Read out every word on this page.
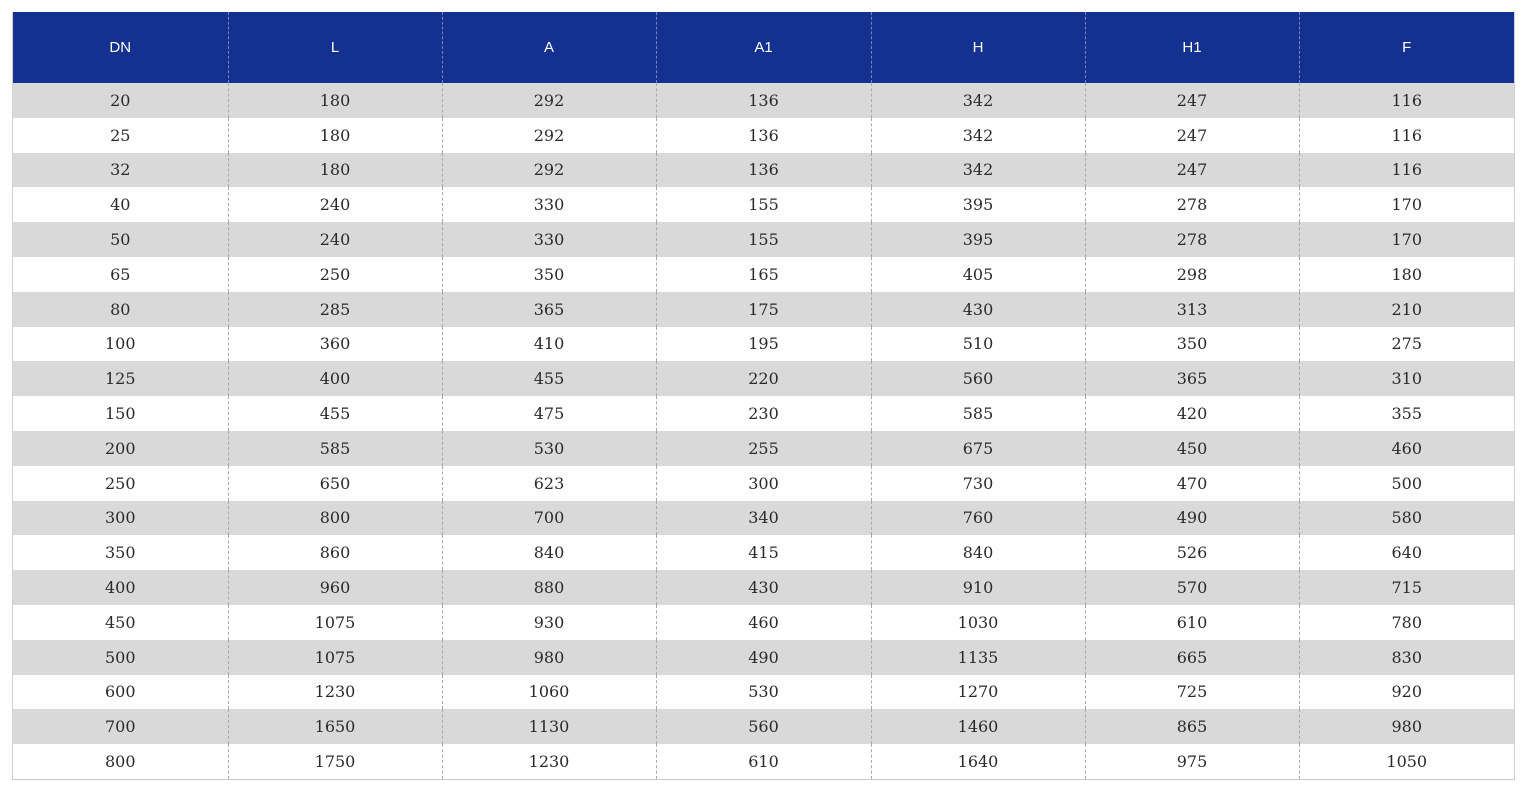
DN	L	A	A1	H	H1	F
20	180	292	136	342	247	116
25	180	292	136	342	247	116
32	180	292	136	342	247	116
40	240	330	155	395	278	170
50	240	330	155	395	278	170
65	250	350	165	405	298	180
80	285	365	175	430	313	210
100	360	410	195	510	350	275
125	400	455	220	560	365	310
150	455	475	230	585	420	355
200	585	530	255	675	450	460
250	650	623	300	730	470	500
300	800	700	340	760	490	580
350	860	840	415	840	526	640
400	960	880	430	910	570	715
450	1075	930	460	1030	610	780
500	1075	980	490	1135	665	830
600	1230	1060	530	1270	725	920
700	1650	1130	560	1460	865	980
800	1750	1230	610	1640	975	1050
